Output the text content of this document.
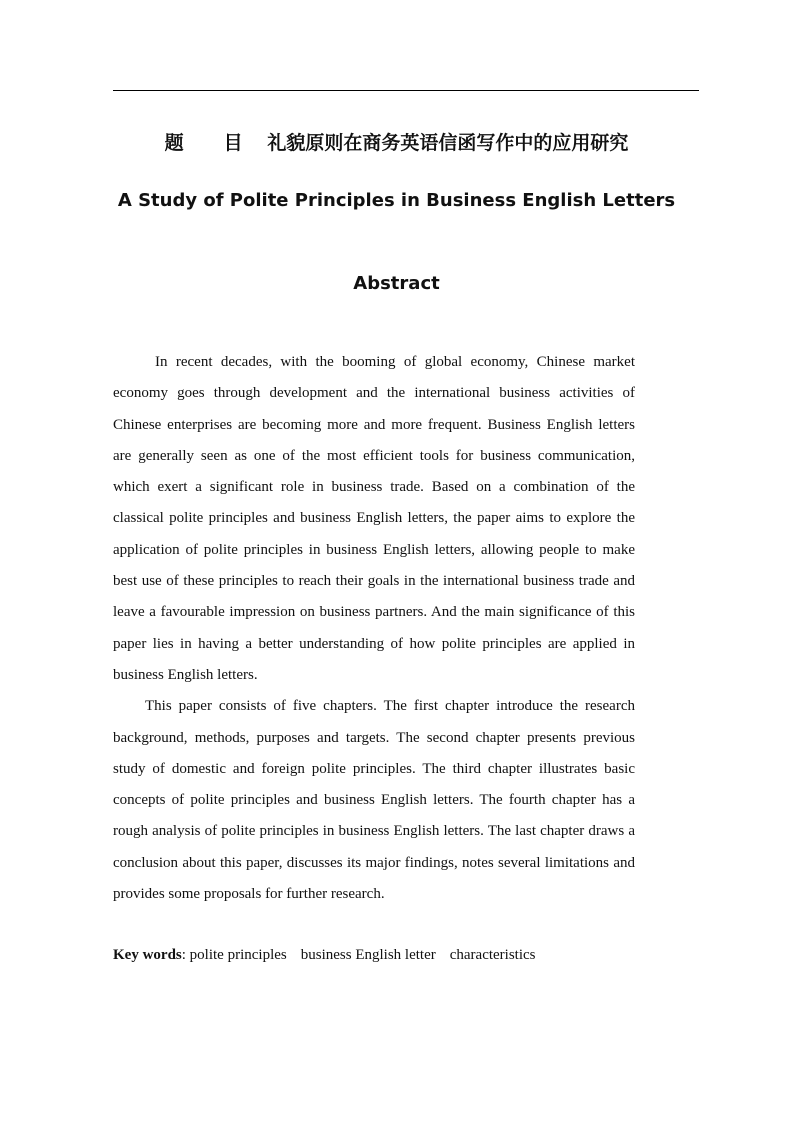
题 目 礼貌原则在商务英语信函写作中的应用研究
A Study of Polite Principles in Business English Letters
Abstract

In recent decades, with the booming of global economy, Chinese market economy goes through development and the international business activities of Chinese enterprises are becoming more and more frequent. Business English letters are generally seen as one of the most efficient tools for business communication, which exert a significant role in business trade. Based on a combination of the classical polite principles and business English letters, the paper aims to explore the application of polite principles in business English letters, allowing people to make best use of these principles to reach their goals in the international business trade and leave a favourable impression on business partners. And the main significance of this paper lies in having a better understanding of how polite principles are applied in business English letters.

This paper consists of five chapters. The first chapter introduce the research background, methods, purposes and targets. The second chapter presents previous study of domestic and foreign polite principles. The third chapter illustrates basic concepts of polite principles and business English letters. The fourth chapter has a rough analysis of polite principles in business English letters. The last chapter draws a conclusion about this paper, discusses its major findings, notes several limitations and provides some proposals for further research.

Key words: polite principles business English letter characteristics
